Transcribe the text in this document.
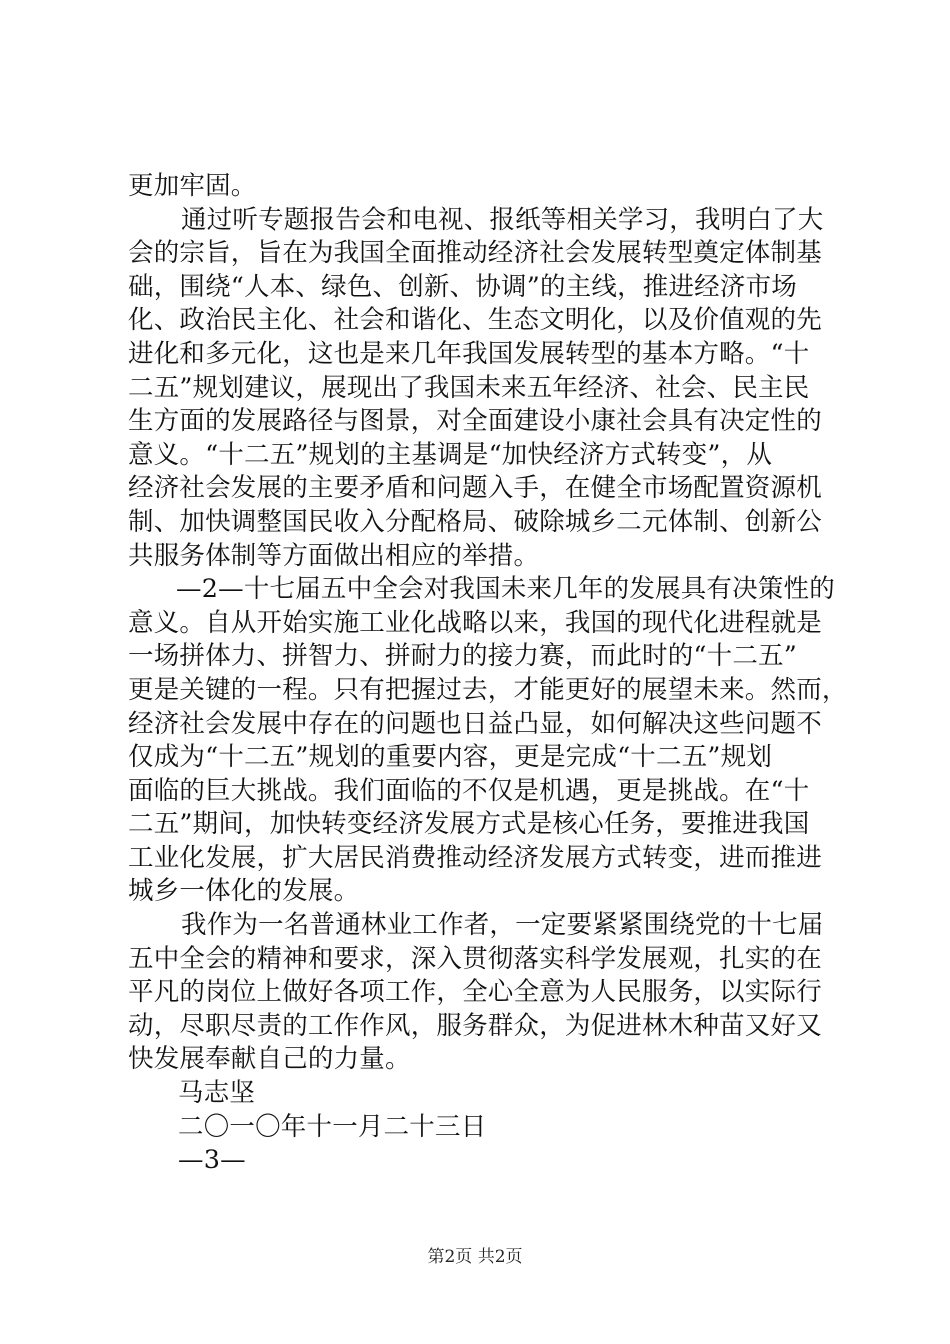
更加牢固。
通过听专题报告会和电视、报纸等相关学习，我明白了大
会的宗旨，旨在为我国全面推动经济社会发展转型奠定体制基
础，围绕“人本、绿色、创新、协调”的主线，推进经济市场
化、政治民主化、社会和谐化、生态文明化，以及价值观的先
进化和多元化，这也是来几年我国发展转型的基本方略。“十
二五”规划建议，展现出了我国未来五年经济、社会、民主民
生方面的发展路径与图景，对全面建设小康社会具有决定性的
意义。“十二五”规划的主基调是“加快经济方式转变”，从
经济社会发展的主要矛盾和问题入手，在健全市场配置资源机
制、加快调整国民收入分配格局、破除城乡二元体制、创新公
共服务体制等方面做出相应的举措。
—2—十七届五中全会对我国未来几年的发展具有决策性的
意义。自从开始实施工业化战略以来，我国的现代化进程就是
一场拼体力、拼智力、拼耐力的接力赛，而此时的“十二五”
更是关键的一程。只有把握过去，才能更好的展望未来。然而，
经济社会发展中存在的问题也日益凸显，如何解决这些问题不
仅成为“十二五”规划的重要内容，更是完成“十二五”规划
面临的巨大挑战。我们面临的不仅是机遇，更是挑战。在“十
二五”期间，加快转变经济发展方式是核心任务，要推进我国
工业化发展，扩大居民消费推动经济发展方式转变，进而推进
城乡一体化的发展。
我作为一名普通林业工作者，一定要紧紧围绕党的十七届
五中全会的精神和要求，深入贯彻落实科学发展观，扎实的在
平凡的岗位上做好各项工作，全心全意为人民服务，以实际行
动，尽职尽责的工作作风，服务群众，为促进林木种苗又好又
快发展奉献自己的力量。
马志坚
二〇一〇年十一月二十三日
—3—
第2页 共2页
